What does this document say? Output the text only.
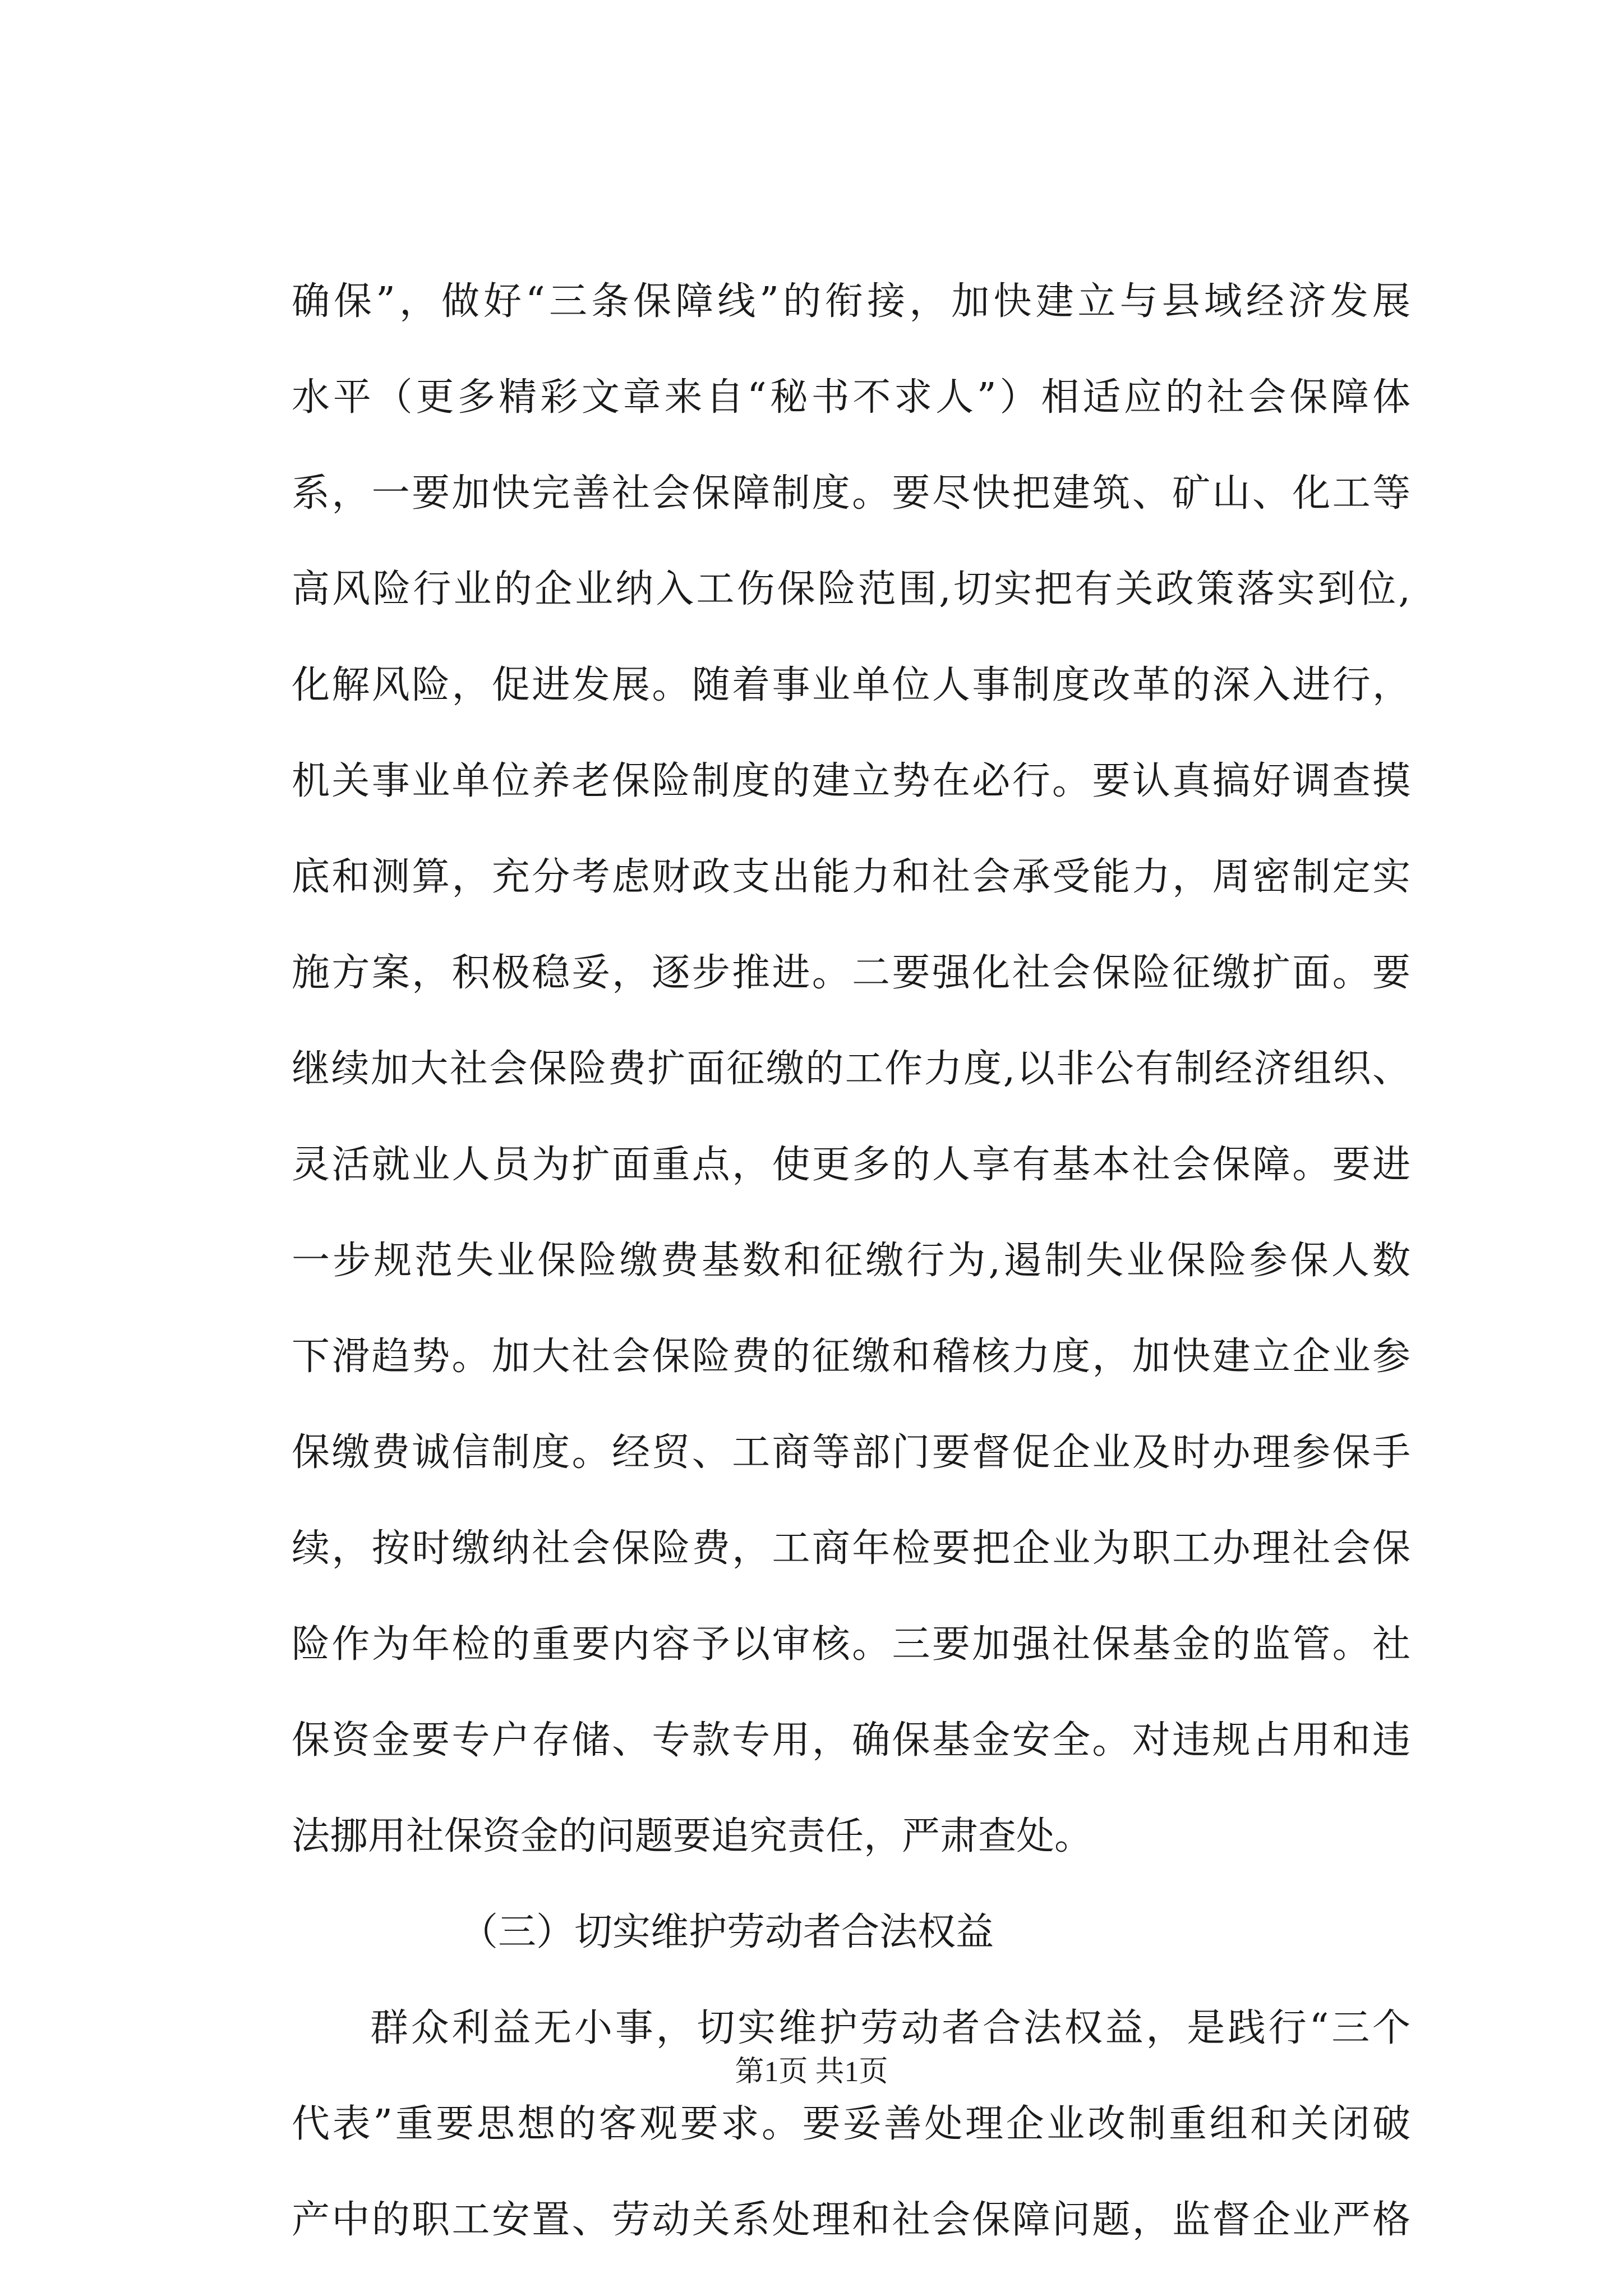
确保”，做好“三条保障线”的衔接，加快建立与县域经济发展
水平（更多精彩文章来自“秘书不求人”）相适应的社会保障体
系，一要加快完善社会保障制度。要尽快把建筑、矿山、化工等
高风险行业的企业纳入工伤保险范围,切实把有关政策落实到位,
化解风险，促进发展。随着事业单位人事制度改革的深入进行，
机关事业单位养老保险制度的建立势在必行。要认真搞好调查摸
底和测算，充分考虑财政支出能力和社会承受能力，周密制定实
施方案，积极稳妥，逐步推进。二要强化社会保险征缴扩面。要
继续加大社会保险费扩面征缴的工作力度,以非公有制经济组织、
灵活就业人员为扩面重点，使更多的人享有基本社会保障。要进
一步规范失业保险缴费基数和征缴行为,遏制失业保险参保人数
下滑趋势。加大社会保险费的征缴和稽核力度，加快建立企业参
保缴费诚信制度。经贸、工商等部门要督促企业及时办理参保手
续，按时缴纳社会保险费，工商年检要把企业为职工办理社会保
险作为年检的重要内容予以审核。三要加强社保基金的监管。社
保资金要专户存储、专款专用，确保基金安全。对违规占用和违
法挪用社保资金的问题要追究责任，严肃查处。
（三）切实维护劳动者合法权益
群众利益无小事，切实维护劳动者合法权益，是践行“三个
代表”重要思想的客观要求。要妥善处理企业改制重组和关闭破
产中的职工安置、劳动关系处理和社会保障问题，监督企业严格
第1页 共1页
